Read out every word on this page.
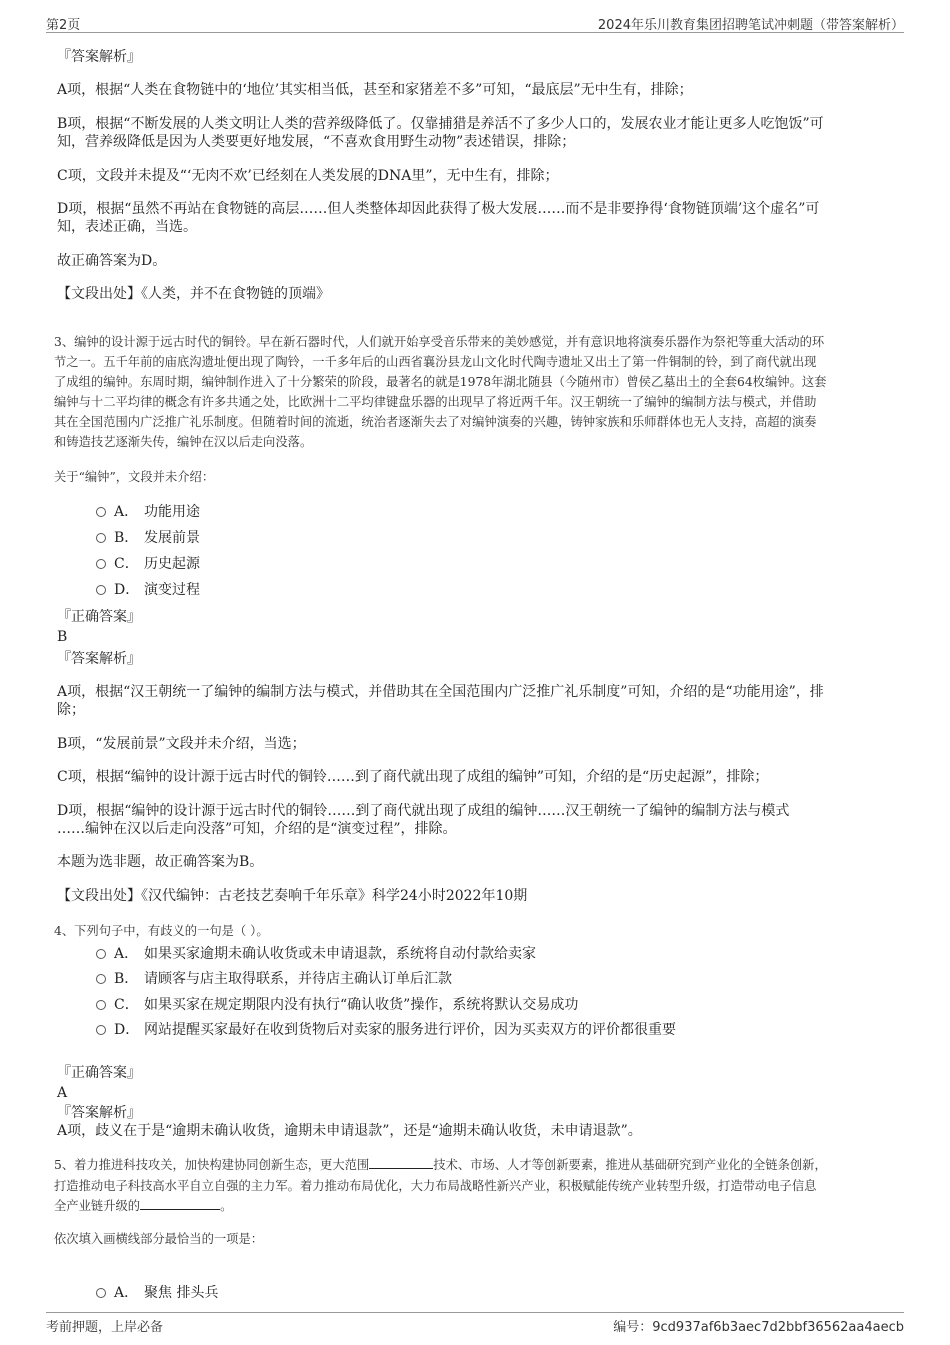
第2页	2024年乐川教育集团招聘笔试冲刺题（带答案解析）

『答案解析』

A项，根据“人类在食物链中的‘地位’其实相当低，甚至和家猪差不多”可知，“最底层”无中生有，排除；

B项，根据“不断发展的人类文明让人类的营养级降低了。仅靠捕猎是养活不了多少人口的，发展农业才能让更多人吃饱饭”可

知，营养级降低是因为人类要更好地发展，“不喜欢食用野生动物”表述错误，排除；

C项，文段并未提及“‘无肉不欢’已经刻在人类发展的DNA里”，无中生有，排除；

D项，根据“虽然不再站在食物链的高层……但人类整体却因此获得了极大发展……而不是非要挣得‘食物链顶端’这个虚名”可

知，表述正确，当选。

故正确答案为D。

【文段出处】《人类，并不在食物链的顶端》

3、编钟的设计源于远古时代的铜铃。早在新石器时代，人们就开始享受音乐带来的美妙感觉，并有意识地将演奏乐器作为祭祀等重大活动的环

节之一。五千年前的庙底沟遗址便出现了陶铃，一千多年后的山西省襄汾县龙山文化时代陶寺遗址又出土了第一件铜制的铃，到了商代就出现

了成组的编钟。东周时期，编钟制作进入了十分繁荣的阶段，最著名的就是1978年湖北随县（今随州市）曾侯乙墓出土的全套64枚编钟。这套

编钟与十二平均律的概念有许多共通之处，比欧洲十二平均律键盘乐器的出现早了将近两千年。汉王朝统一了编钟的编制方法与模式，并借助

其在全国范围内广泛推广礼乐制度。但随着时间的流逝，统治者逐渐失去了对编钟演奏的兴趣，铸钟家族和乐师群体也无人支持，高超的演奏

和铸造技艺逐渐失传，编钟在汉以后走向没落。

关于“编钟”，文段并未介绍：

A． 功能用途
B． 发展前景
C． 历史起源
D． 演变过程

『正确答案』

B

『答案解析』

A项，根据“汉王朝统一了编钟的编制方法与模式，并借助其在全国范围内广泛推广礼乐制度”可知，介绍的是“功能用途”，排

除；

B项，“发展前景”文段并未介绍，当选；

C项，根据“编钟的设计源于远古时代的铜铃……到了商代就出现了成组的编钟”可知，介绍的是“历史起源”，排除；

D项，根据“编钟的设计源于远古时代的铜铃……到了商代就出现了成组的编钟……汉王朝统一了编钟的编制方法与模式

……编钟在汉以后走向没落”可知，介绍的是“演变过程”，排除。

本题为选非题，故正确答案为B。

【文段出处】《汉代编钟：古老技艺奏响千年乐章》科学24小时2022年10期

4、下列句子中，有歧义的一句是（ ）。

A． 如果买家逾期未确认收货或未申请退款，系统将自动付款给卖家
B． 请顾客与店主取得联系，并待店主确认订单后汇款
C． 如果买家在规定期限内没有执行“确认收货”操作，系统将默认交易成功
D． 网站提醒买家最好在收到货物后对卖家的服务进行评价，因为买卖双方的评价都很重要

『正确答案』

A

『答案解析』

A项，歧义在于是“逾期未确认收货，逾期未申请退款”，还是“逾期未确认收货，未申请退款”。

5、着力推进科技攻关，加快构建协同创新生态，更大范围	技术、市场、人才等创新要素，推进从基础研究到产业化的全链条创新，

打造推动电子科技高水平自立自强的主力军。着力推动布局优化，大力布局战略性新兴产业，积极赋能传统产业转型升级，打造带动电子信息

全产业链升级的	。

依次填入画横线部分最恰当的一项是：

A． 聚焦 排头兵
考前押题，上岸必备	编号：9cd937af6b3aec7d2bbf36562aa4aecb
